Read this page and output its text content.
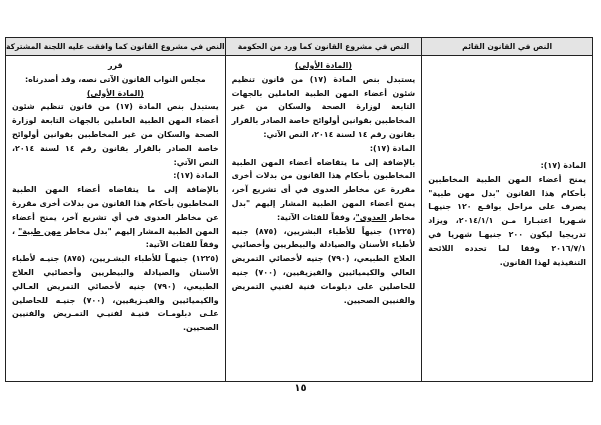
النص في القانون القائم

المادة (١٧):

يمنح أعضاء المهن الطبية المخاطبين بأحكام هذا القانون "بدل مهن طبية" يصرف على مراحل بواقـع ١٢٠ جنيهـا شـهريا اعتبـارا مـن ٢٠١٤/١/١، ويزاد تدريجيا ليكون ٢٠٠ جنيهـا شهريا في ٢٠١٦/٧/١ وفقا لما تحدده اللائحة التنفيذية لهذا القانون.

النص في مشروع القانون كما ورد من الحكومة

(المادة الأولى)

يستبدل بنص المادة (١٧) من قانون تنظيم شئون أعضاء المهن الطبية العاملين بالجهات التابعة لوزارة الصحة والسكان من غير المخاطبين بقوانين أولوائح خاصة الصادر بالقرار بقانون رقم ١٤ لسنة ٢٠١٤، النص الآتي:

المادة (١٧):

بالإضافة إلى ما يتقاضاه أعضاء المهن الطبية المخاطبون بأحكام هذا القانون من بدلات أخرى مقررة عن مخاطر العدوى في أى تشريع آخر، يمنح أعضاء المهن الطبية المشار إليهم "بدل مخاطر العدوى"، وفقاً للفئات الآتية:

(١٢٢٥) جنيهاً للأطباء البشريين، (٨٧٥) جنيه لأطباء الأسنان والصيادلة والبيطريين وأخصائيي العلاج الطبيعي، (٧٩٠) جنيه لأخصائي التمريض العالي والكيميائيين والفيزيقيين، (٧٠٠) جنيه للحاصلين على دبلومات فنية لفنيي التمريض والفنيين الصحيين.

النص في مشروع القانون كما وافقت عليه اللجنة المشتركة

قرر

مجلس النواب القانون الآتى نصه، وقد أصدرناه:

(المادة الأولى)

يستبدل بنص المادة (١٧) من قانون تنظيم شئون أعضاء المهن الطبية العاملين بالجهات التابعة لوزارة الصحة والسكان من غير المخاطبين بقوانين أولوائح خاصة الصادر بالقرار بقانون رقم ١٤ لسنة ٢٠١٤، النص الآتي:

المادة (١٧):

بالإضافة إلى ما يتقاضاه أعضاء المهن الطبية المخاطبون بأحكام هذا القانون من بدلات أخرى مقررة عن مخاطر العدوى في أي تشريع آخر، يمنح أعضاء المهن الطبية المشار إليهم "بدل مخاطر مهن طبية" ، وفقاً للفئات الآتية:

(١٢٢٥) جنيهـاً للأطباء البشـريين، (٨٧٥) جنيـه لأطباء الأسنان والصيادلة والبيطريين وأخصائيي العلاج الطبيعي، (٧٩٠) جنيه لأخصائي التمريض العـالي والكيميائيين والفيـزيقيين، (٧٠٠) جنيـه للحاصلين علـى دبلومـات فنيـة لفنيـي التمـريض والفنيين الصحيين.

١٥
